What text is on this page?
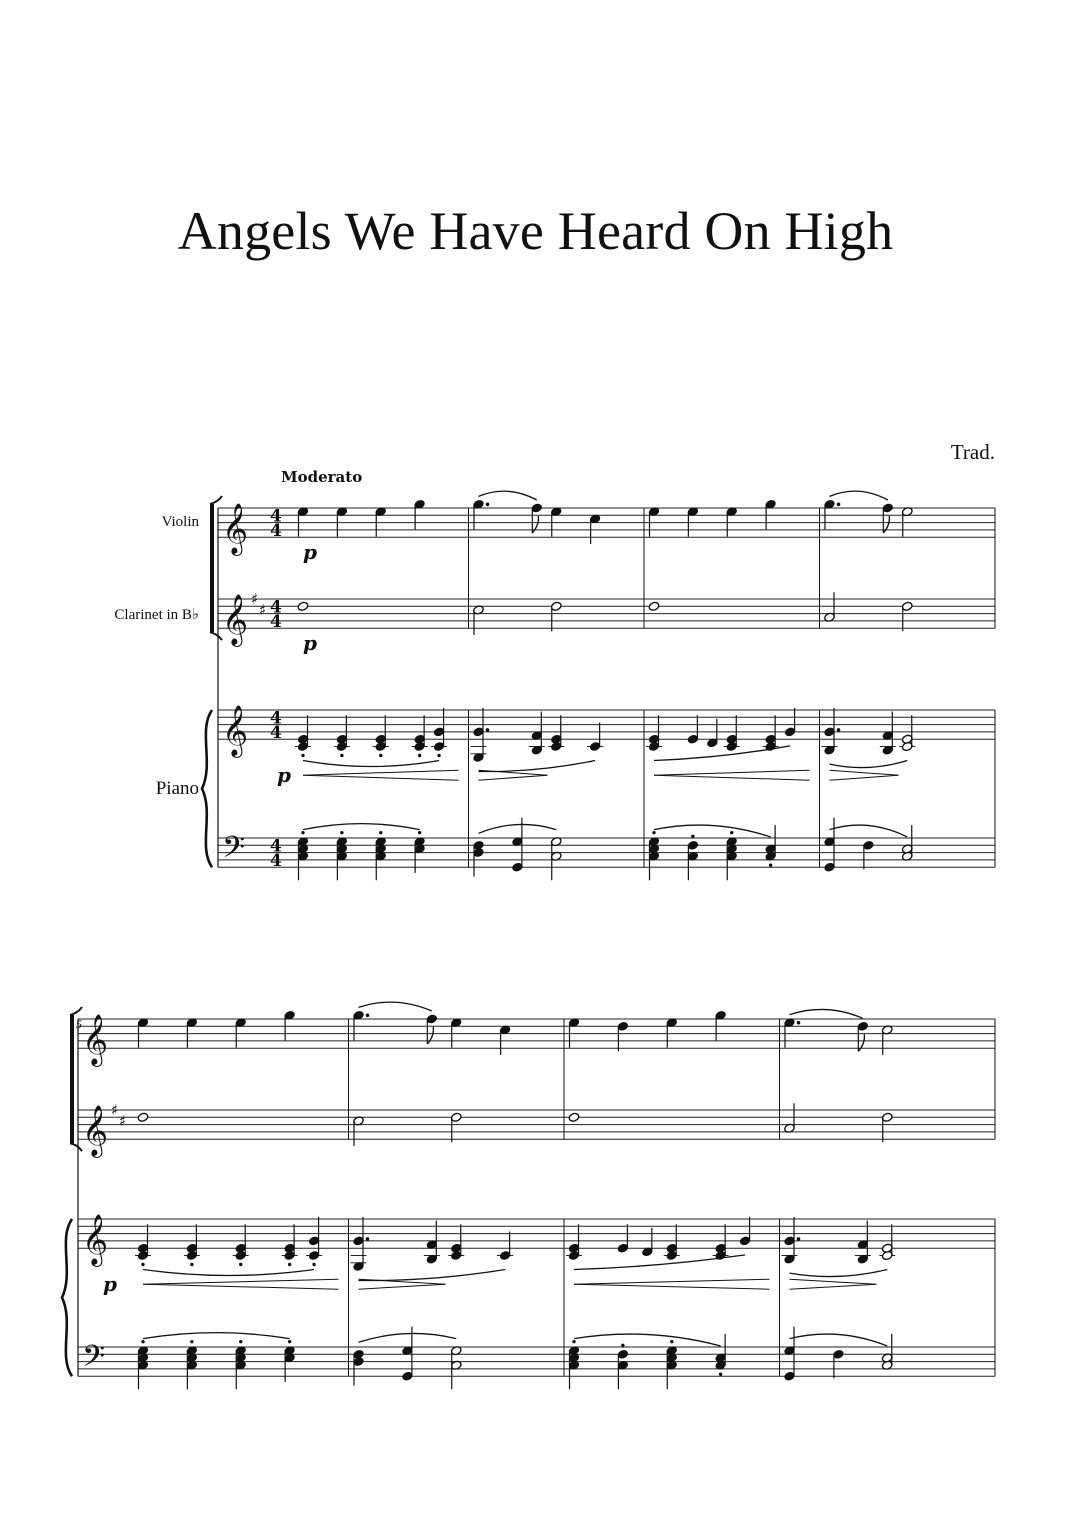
Angels We Have Heard On High
Trad.
Moderato
Violin
Clarinet in B♭
Piano
5
𝄞
𝄞
𝄞
𝄢
♯
♯
4
4
4
4
4
4
4
4
p
p
p
𝄞
𝄞
𝄞
𝄢
♯
♯
p
